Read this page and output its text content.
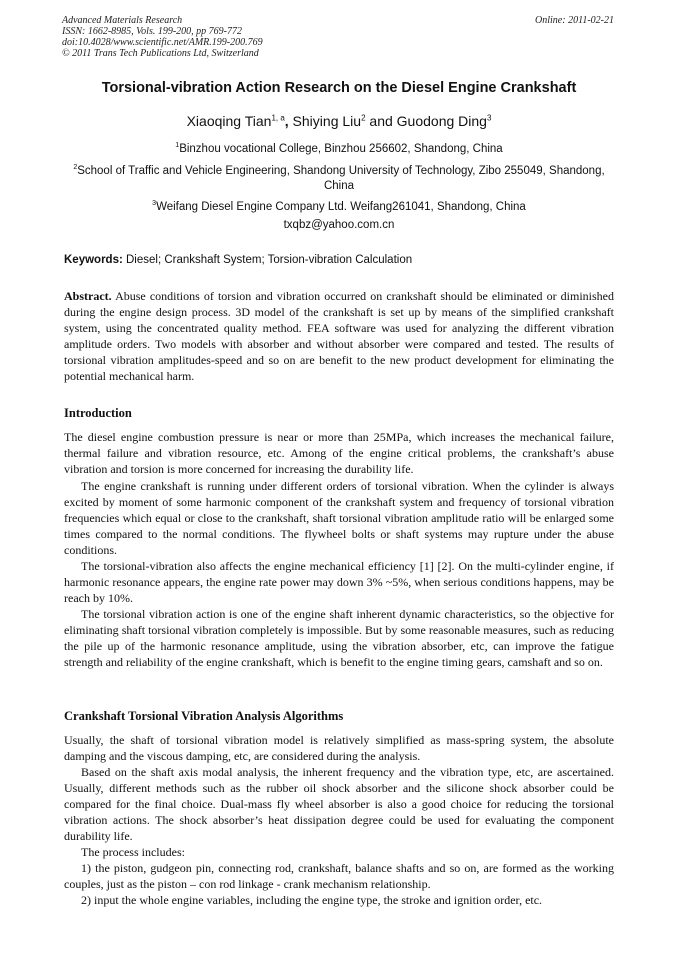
Advanced Materials Research
ISSN: 1662-8985, Vols. 199-200, pp 769-772
doi:10.4028/www.scientific.net/AMR.199-200.769
© 2011 Trans Tech Publications Ltd, Switzerland
Online: 2011-02-21
Torsional-vibration Action Research on the Diesel Engine Crankshaft
Xiaoqing Tian$^{1, a}$, Shiying Liu$^2$ and Guodong Ding$^3$
$^1$Binzhou vocational College, Binzhou 256602, Shandong, China
$^2$School of Traffic and Vehicle Engineering, Shandong University of Technology, Zibo 255049, Shandong, China
$^3$Weifang Diesel Engine Company Ltd. Weifang261041, Shandong, China
txqbz@yahoo.com.cn
Keywords: Diesel; Crankshaft System; Torsion-vibration Calculation

Abstract. Abuse conditions of torsion and vibration occurred on crankshaft should be eliminated or diminished during the engine design process. 3D model of the crankshaft is set up by means of the simplified crankshaft system, using the concentrated quality method. FEA software was used for analyzing the different vibration amplitude orders. Two models with absorber and without absorber were compared and tested. The results of torsional vibration amplitudes-speed and so on are benefit to the new product development for eliminating the potential mechanical harm.

Introduction

The diesel engine combustion pressure is near or more than 25MPa, which increases the mechanical failure, thermal failure and vibration resource, etc. Among of the engine critical problems, the crankshaft’s abuse vibration and torsion is more concerned for increasing the durability life.

The engine crankshaft is running under different orders of torsional vibration. When the cylinder is always excited by moment of some harmonic component of the crankshaft system and frequency of torsional vibration frequencies which equal or close to the crankshaft, shaft torsional vibration amplitude ratio will be enlarged some times compared to the normal conditions. The flywheel bolts or shaft systems may rupture under the abuse conditions.

The torsional-vibration also affects the engine mechanical efficiency [1] [2]. On the multi-cylinder engine, if harmonic resonance appears, the engine rate power may down 3% ~5%, when serious conditions happens, may be reach by 10%.

The torsional vibration action is one of the engine shaft inherent dynamic characteristics, so the objective for eliminating shaft torsional vibration completely is impossible. But by some reasonable measures, such as reducing the pile up of the harmonic resonance amplitude, using the vibration absorber, etc, can improve the fatigue strength and reliability of the engine crankshaft, which is benefit to the engine timing gears, camshaft and so on.

Crankshaft Torsional Vibration Analysis Algorithms

Usually, the shaft of torsional vibration model is relatively simplified as mass-spring system, the absolute damping and the viscous damping, etc, are considered during the analysis.

Based on the shaft axis modal analysis, the inherent frequency and the vibration type, etc, are ascertained. Usually, different methods such as the rubber oil shock absorber and the silicone shock absorber could be compared for the final choice. Dual-mass fly wheel absorber is also a good choice for reducing the torsional vibration actions. The shock absorber’s heat dissipation degree could be used for evaluating the component durability life.

The process includes:

1) the piston, gudgeon pin, connecting rod, crankshaft, balance shafts and so on, are formed as the working couples, just as the piston – con rod linkage - crank mechanism relationship.

2) input the whole engine variables, including the engine type, the stroke and ignition order, etc.
